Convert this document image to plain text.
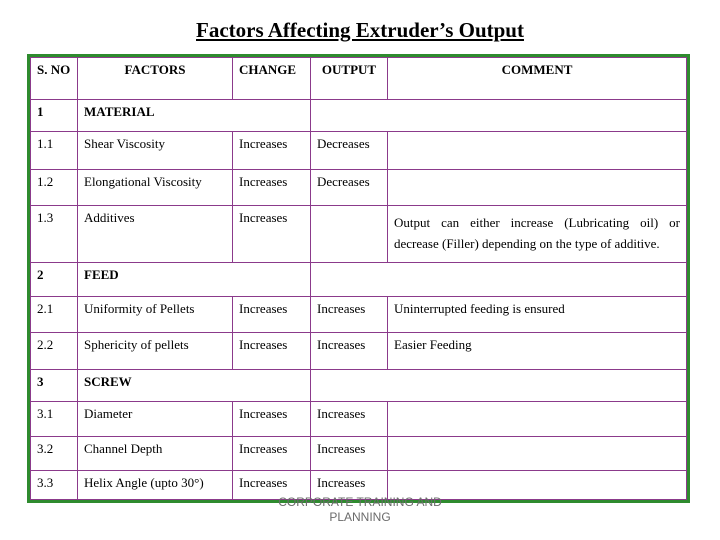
Factors Affecting Extruder’s Output
S. NO	FACTORS	CHANGE	OUTPUT	COMMENT
1	MATERIAL			
1.1	Shear Viscosity	Increases	Decreases	
1.2	Elongational Viscosity	Increases	Decreases	
1.3	Additives	Increases		Output can either increase (Lubricating oil) or decrease (Filler) depending on the type of additive.
2	FEED			
2.1	Uniformity of Pellets	Increases	Increases	Uninterrupted feeding is ensured
2.2	Sphericity of pellets	Increases	Increases	Easier Feeding
3	SCREW			
3.1	Diameter	Increases	Increases	
3.2	Channel Depth	Increases	Increases	
3.3	Helix Angle (upto 30°)	Increases	Increases	
CORPORATE TRAINING AND
PLANNING
